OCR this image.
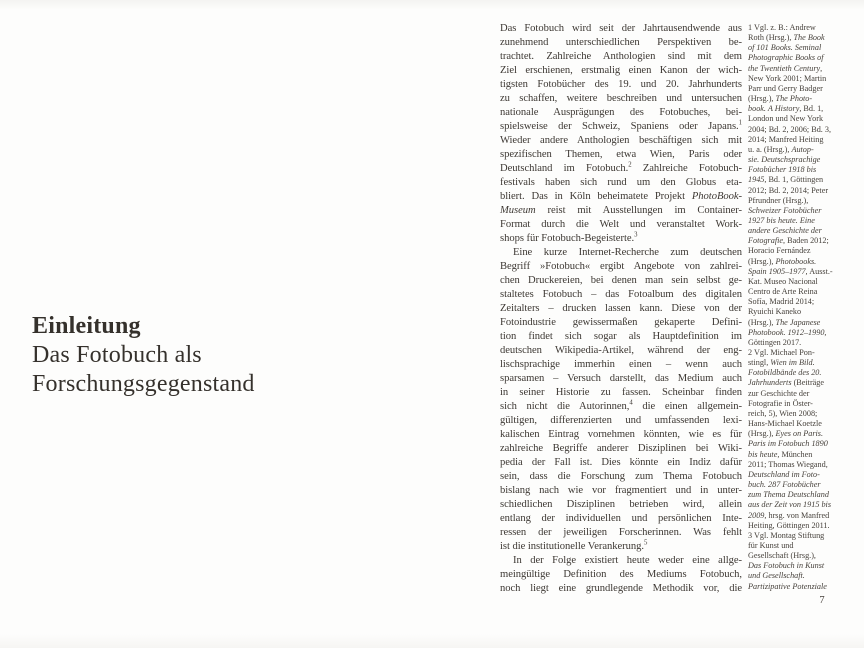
Einleitung
Das Fotobuch als
Forschungsgegenstand
Das Fotobuch wird seit der Jahrtausendwende aus
zunehmend unterschiedlichen Perspektiven be-
trachtet. Zahlreiche Anthologien sind mit dem
Ziel erschienen, erstmalig einen Kanon der wich-
tigsten Fotobücher des 19. und 20. Jahrhunderts
zu schaffen, weitere beschreiben und untersuchen
nationale Ausprägungen des Fotobuches, bei-
spielsweise der Schweiz, Spaniens oder Japans.$^1$
Wieder andere Anthologien beschäftigen sich mit
spezifischen Themen, etwa Wien, Paris oder
Deutschland im Fotobuch.$^2$ Zahlreiche Fotobuch-
festivals haben sich rund um den Globus eta-
bliert. Das in Köln beheimatete Projekt PhotoBook-
Museum reist mit Ausstellungen im Container-
Format durch die Welt und veranstaltet Work-
shops für Fotobuch-Begeisterte.$^3$
Eine kurze Internet-Recherche zum deutschen
Begriff »Fotobuch« ergibt Angebote von zahlrei-
chen Druckereien, bei denen man sein selbst ge-
staltetes Fotobuch – das Fotoalbum des digitalen
Zeitalters – drucken lassen kann. Diese von der
Fotoindustrie gewissermaßen gekaperte Defini-
tion findet sich sogar als Hauptdefinition im
deutschen Wikipedia-Artikel, während der eng-
lischsprachige immerhin einen – wenn auch
sparsamen – Versuch darstellt, das Medium auch
in seiner Historie zu fassen. Scheinbar finden
sich nicht die Autorinnen,$^4$ die einen allgemein-
gültigen, differenzierten und umfassenden lexi-
kalischen Eintrag vornehmen könnten, wie es für
zahlreiche Begriffe anderer Disziplinen bei Wiki-
pedia der Fall ist. Dies könnte ein Indiz dafür
sein, dass die Forschung zum Thema Fotobuch
bislang nach wie vor fragmentiert und in unter-
schiedlichen Disziplinen betrieben wird, allein
entlang der individuellen und persönlichen Inte-
ressen der jeweiligen Forscherinnen. Was fehlt
ist die institutionelle Verankerung.$^5$
In der Folge existiert heute weder eine allge-
meingültige Definition des Mediums Fotobuch,
noch liegt eine grundlegende Methodik vor, die
1 Vgl. z. B.: Andrew
Roth (Hrsg.), The Book
of 101 Books. Seminal
Photographic Books of
the Twentieth Century,
New York 2001; Martin
Parr und Gerry Badger
(Hrsg.), The Photo-
book. A History, Bd. 1,
London und New York
2004; Bd. 2, 2006; Bd. 3,
2014; Manfred Heiting
u. a. (Hrsg.), Autop-
sie. Deutschsprachige
Fotobücher 1918 bis
1945, Bd. 1, Göttingen
2012; Bd. 2, 2014; Peter
Pfrundner (Hrsg.),
Schweizer Fotobücher
1927 bis heute. Eine
andere Geschichte der
Fotografie, Baden 2012;
Horacio Fernández
(Hrsg.), Photobooks.
Spain 1905–1977, Ausst.-
Kat. Museo Nacional
Centro de Arte Reina
Sofía, Madrid 2014;
Ryuichi Kaneko
(Hrsg.), The Japanese
Photobook. 1912–1990,
Göttingen 2017.
2 Vgl. Michael Pon-
stingl, Wien im Bild.
Fotobildbände des 20.
Jahrhunderts (Beiträge
zur Geschichte der
Fotografie in Öster-
reich, 5), Wien 2008;
Hans-Michael Koetzle
(Hrsg.), Eyes on Paris.
Paris im Fotobuch 1890
bis heute, München
2011; Thomas Wiegand,
Deutschland im Foto-
buch. 287 Fotobücher
zum Thema Deutschland
aus der Zeit von 1915 bis
2009, hrsg. von Manfred
Heiting, Göttingen 2011.
3 Vgl. Montag Stiftung
für Kunst und
Gesellschaft (Hrsg.),
Das Fotobuch in Kunst
und Gesellschaft.
Partizipative Potenziale
7
